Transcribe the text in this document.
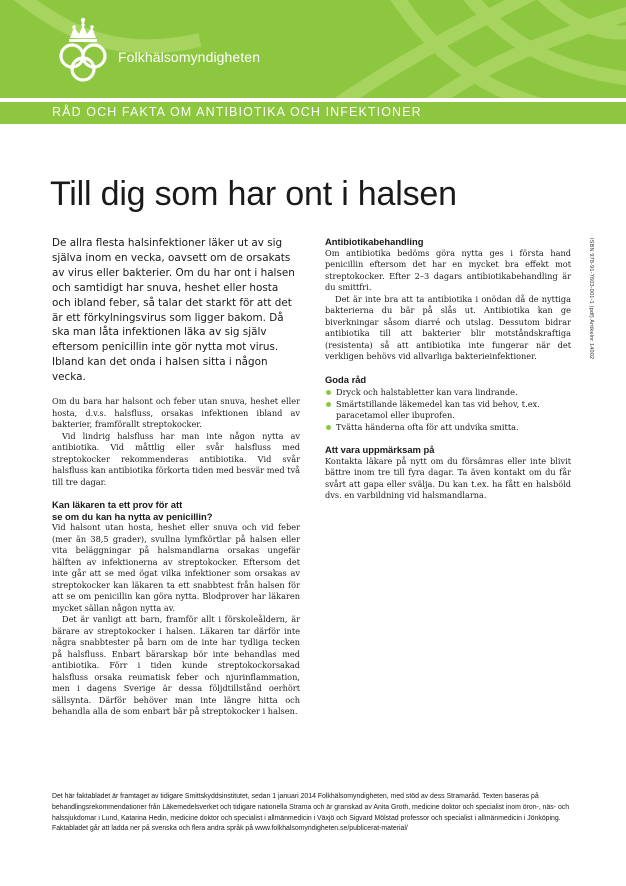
Folkhälsomyndigheten
RÅD OCH FAKTA OM ANTIBIOTIKA OCH INFEKTIONER
Till dig som har ont i halsen

De allra flesta halsinfektioner läker ut av sig själva inom en vecka, oavsett om de orsakats av virus eller bakterier. Om du har ont i halsen och samtidigt har snuva, heshet eller hosta och ibland feber, så talar det starkt för att det är ett förkylningsvirus som ligger bakom. Då ska man låta infektionen läka av sig själv eftersom penicillin inte gör nytta mot virus. Ibland kan det onda i halsen sitta i någon vecka.

Om du bara har halsont och feber utan snuva, heshet eller hosta, d.v.s. halsfluss, orsakas infektionen ibland av bakterier, framförallt streptokocker.

Vid lindrig halsfluss har man inte någon nytta av antibiotika. Vid måttlig eller svår halsfluss med streptokocker rekommenderas antibiotika. Vid svår halsfluss kan antibiotika förkorta tiden med besvär med två till tre dagar.

Kan läkaren ta ett prov för att
se om du kan ha nytta av penicillin?

Vid halsont utan hosta, heshet eller snuva och vid feber (mer än 38,5 grader), svullna lymfkörtlar på halsen eller vita beläggningar på halsmandlarna orsakas ungefär hälften av infektionerna av streptokocker. Eftersom det inte går att se med ögat vilka infektioner som orsakas av streptokocker kan läkaren ta ett snabbtest från halsen för att se om penicillin kan göra nytta. Blodprover har läkaren mycket sällan någon nytta av.

Det är vanligt att barn, framför allt i förskoleåldern, är bärare av streptokocker i halsen. Läkaren tar därför inte några snabbtester på barn om de inte har tydliga tecken på halsfluss. Enbart bärarskap bör inte behandlas med antibiotika. Förr i tiden kunde streptokockorsakad halsfluss orsaka reumatisk feber och njurinflammation, men i dagens Sverige är dessa följdtillstånd oerhört sällsynta. Därför behöver man inte längre hitta och behandla alla de som enbart bär på streptokocker i halsen.

Antibiotikabehandling

Om antibiotika bedöms göra nytta ges i första hand penicillin eftersom det har en mycket bra effekt mot streptokocker. Efter 2–3 dagars antibiotikabehandling är du smittfri.

Det är inte bra att ta antibiotika i onödan då de nyttiga bakterierna du bär på slås ut. Antibiotika kan ge biverkningar såsom diarré och utslag. Dessutom bidrar antibiotika till att bakterier blir motståndskraftiga (resistenta) så att antibiotika inte fungerar när det verkligen behövs vid allvarliga bakterieinfektioner.

Goda råd
Dryck och halstabletter kan vara lindrande.
Smärtstillande läkemedel kan tas vid behov, t.ex. paracetamol eller ibuprofen.
Tvätta händerna ofta för att undvika smitta.
Att vara uppmärksam på

Kontakta läkare på nytt om du försämras eller inte blivit bättre inom tre till fyra dagar. Ta även kontakt om du får svårt att gapa eller svälja. Du kan t.ex. ha fått en halsböld dvs. en varbildning vid halsmandlarna.

ISBN 978-91-7603-001-1 (pdf) Artikelnr 14002

Det här faktabladet är framtaget av tidigare Smittskyddsinstitutet, sedan 1 januari 2014 Folkhälsomyndigheten, med stöd av dess Stramaråd. Texten baseras på behandlingsrekommendationer från Läkemedelsverket och tidigare nationella Strama och är granskad av Anita Groth, medicine doktor och specialist inom öron-, näs- och halssjukdomar i Lund, Katarina Hedin, medicine doktor och specialist i allmänmedicin i Växjö och Sigvard Mölstad professor och specialist i allmänmedicin i Jönköping. Faktabladet går att ladda ner på svenska och flera andra språk på www.folkhalsomyndigheten.se/publicerat-material/
